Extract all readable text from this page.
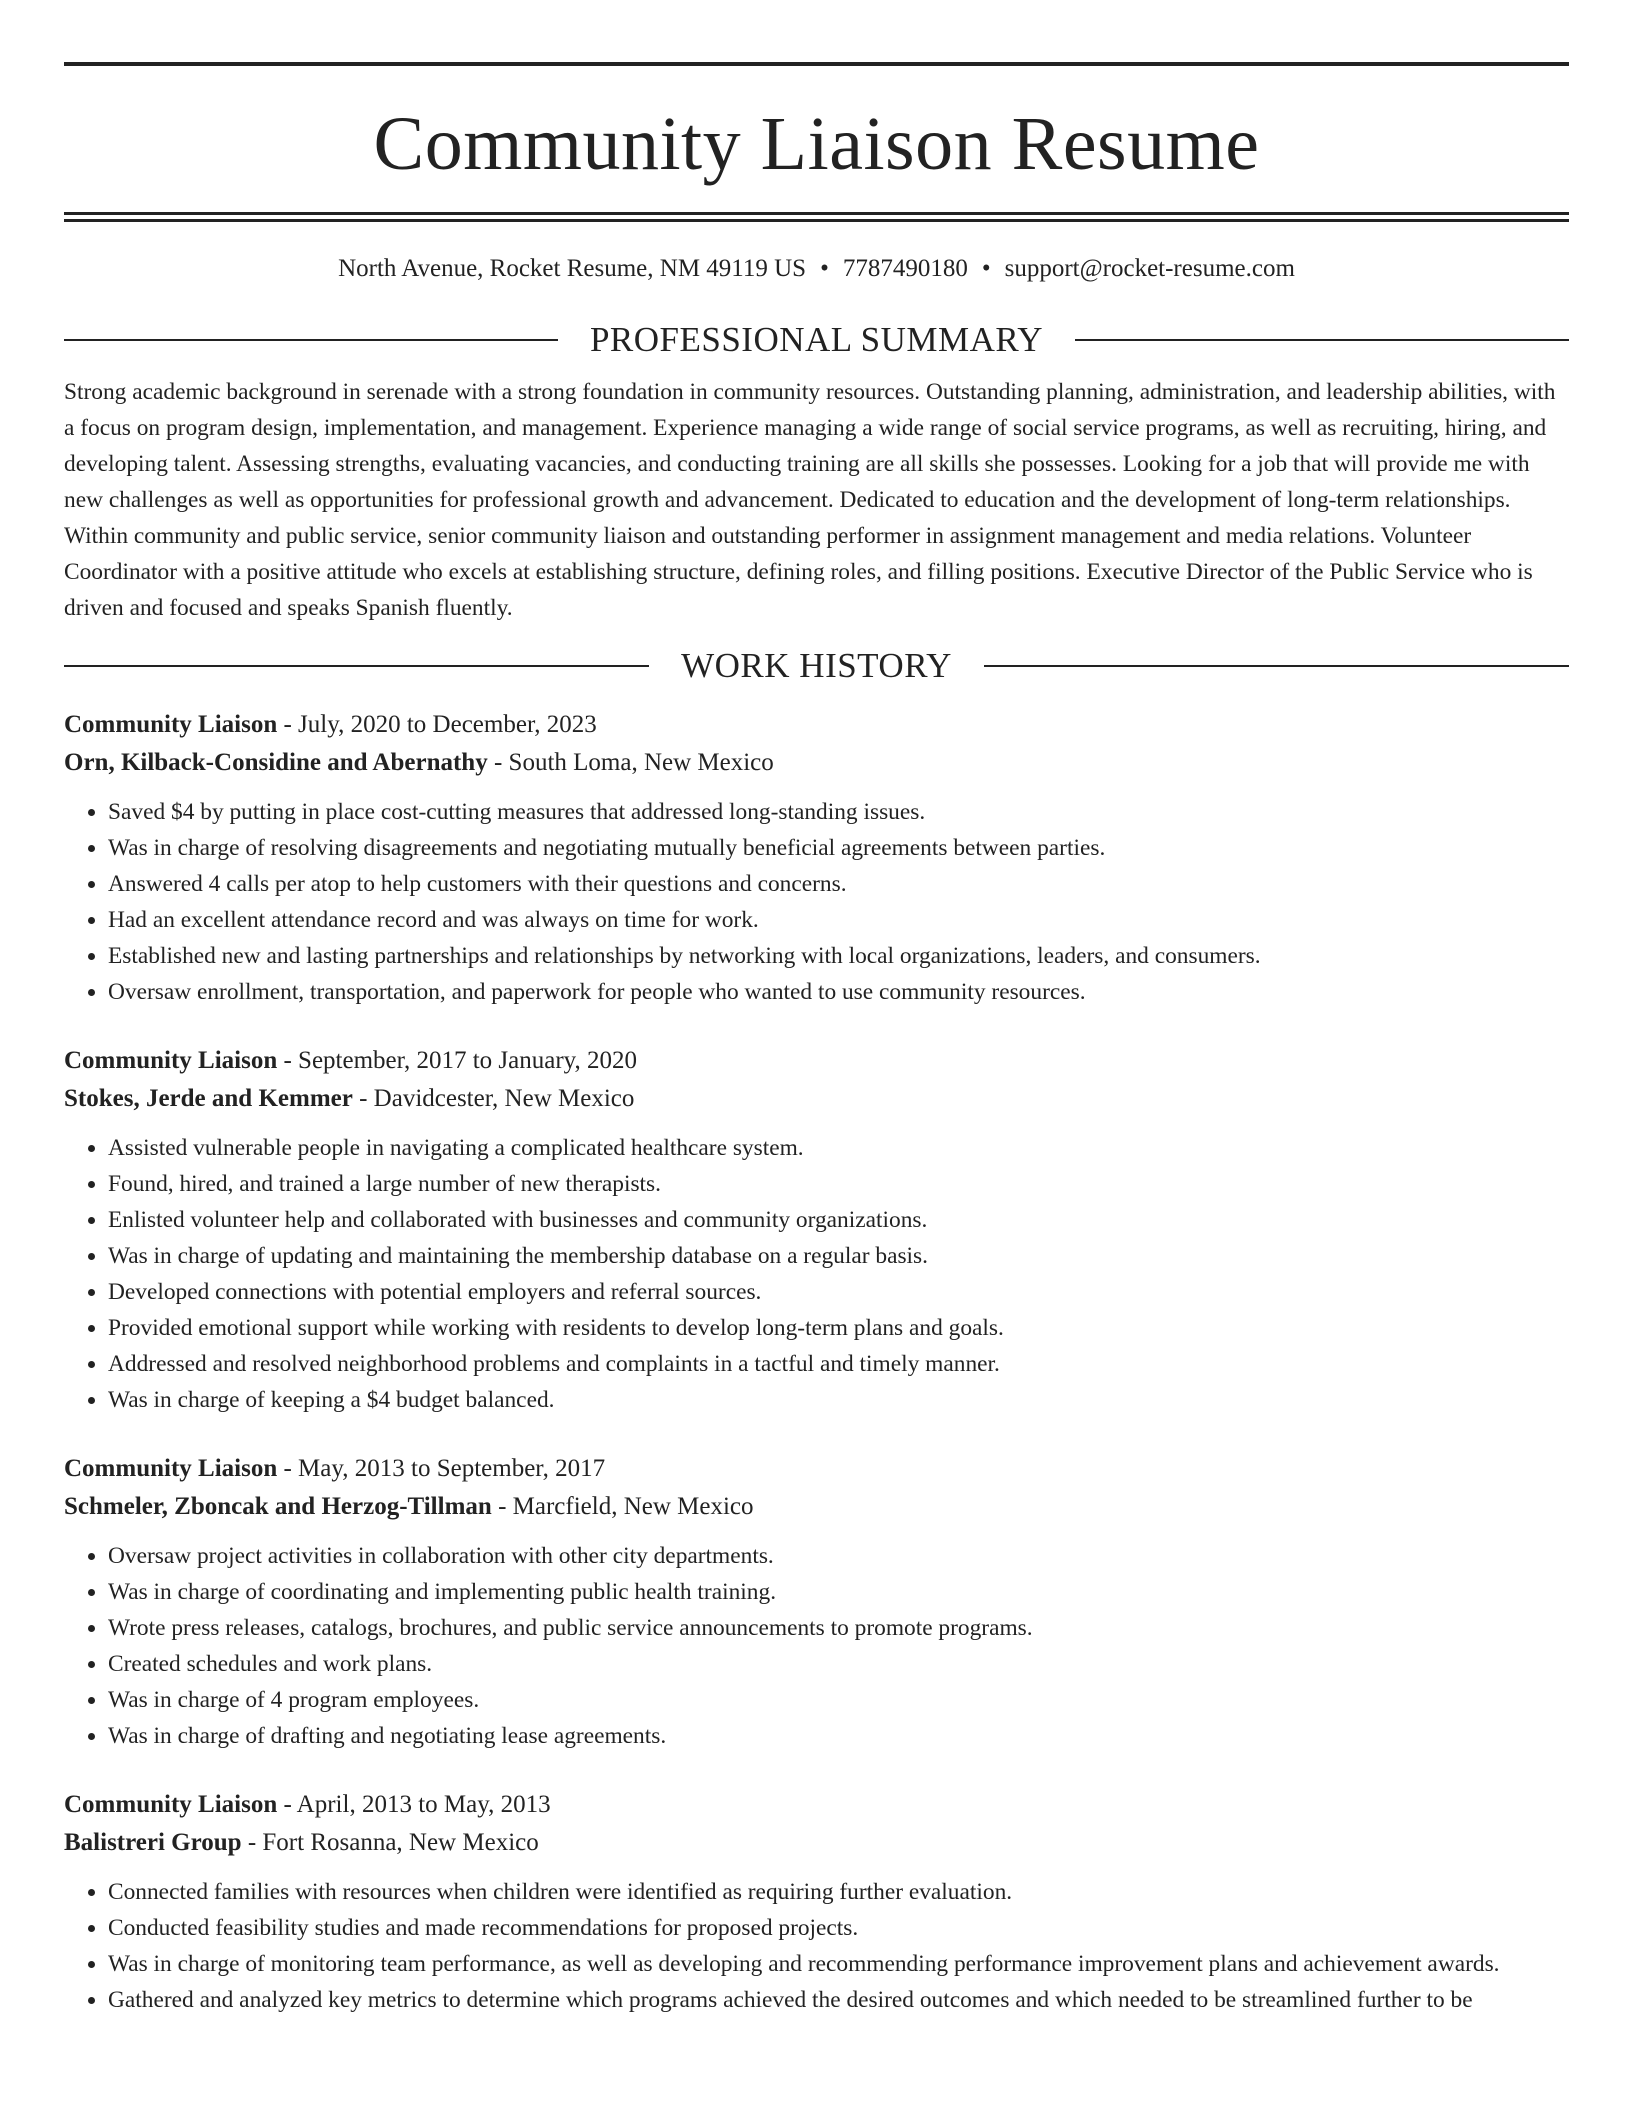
Community Liaison Resume
North Avenue, Rocket Resume, NM 49119 US • 7787490180 • support@rocket-resume.com
PROFESSIONAL SUMMARY

Strong academic background in serenade with a strong foundation in community resources. Outstanding planning, administration, and leadership abilities, with a focus on program design, implementation, and management. Experience managing a wide range of social service programs, as well as recruiting, hiring, and developing talent. Assessing strengths, evaluating vacancies, and conducting training are all skills she possesses. Looking for a job that will provide me with new challenges as well as opportunities for professional growth and advancement. Dedicated to education and the development of long-term relationships. Within community and public service, senior community liaison and outstanding performer in assignment management and media relations. Volunteer Coordinator with a positive attitude who excels at establishing structure, defining roles, and filling positions. Executive Director of the Public Service who is driven and focused and speaks Spanish fluently.

WORK HISTORY
Community Liaison - July, 2020 to December, 2023
Orn, Kilback-Considine and Abernathy - South Loma, New Mexico
• Saved $4 by putting in place cost-cutting measures that addressed long-standing issues.
• Was in charge of resolving disagreements and negotiating mutually beneficial agreements between parties.
• Answered 4 calls per atop to help customers with their questions and concerns.
• Had an excellent attendance record and was always on time for work.
• Established new and lasting partnerships and relationships by networking with local organizations, leaders, and consumers.
• Oversaw enrollment, transportation, and paperwork for people who wanted to use community resources.
Community Liaison - September, 2017 to January, 2020
Stokes, Jerde and Kemmer - Davidcester, New Mexico
• Assisted vulnerable people in navigating a complicated healthcare system.
• Found, hired, and trained a large number of new therapists.
• Enlisted volunteer help and collaborated with businesses and community organizations.
• Was in charge of updating and maintaining the membership database on a regular basis.
• Developed connections with potential employers and referral sources.
• Provided emotional support while working with residents to develop long-term plans and goals.
• Addressed and resolved neighborhood problems and complaints in a tactful and timely manner.
• Was in charge of keeping a $4 budget balanced.
Community Liaison - May, 2013 to September, 2017
Schmeler, Zboncak and Herzog-Tillman - Marcfield, New Mexico
• Oversaw project activities in collaboration with other city departments.
• Was in charge of coordinating and implementing public health training.
• Wrote press releases, catalogs, brochures, and public service announcements to promote programs.
• Created schedules and work plans.
• Was in charge of 4 program employees.
• Was in charge of drafting and negotiating lease agreements.
Community Liaison - April, 2013 to May, 2013
Balistreri Group - Fort Rosanna, New Mexico
• Connected families with resources when children were identified as requiring further evaluation.
• Conducted feasibility studies and made recommendations for proposed projects.
• Was in charge of monitoring team performance, as well as developing and recommending performance improvement plans and achievement awards.
• Gathered and analyzed key metrics to determine which programs achieved the desired outcomes and which needed to be streamlined further to be
